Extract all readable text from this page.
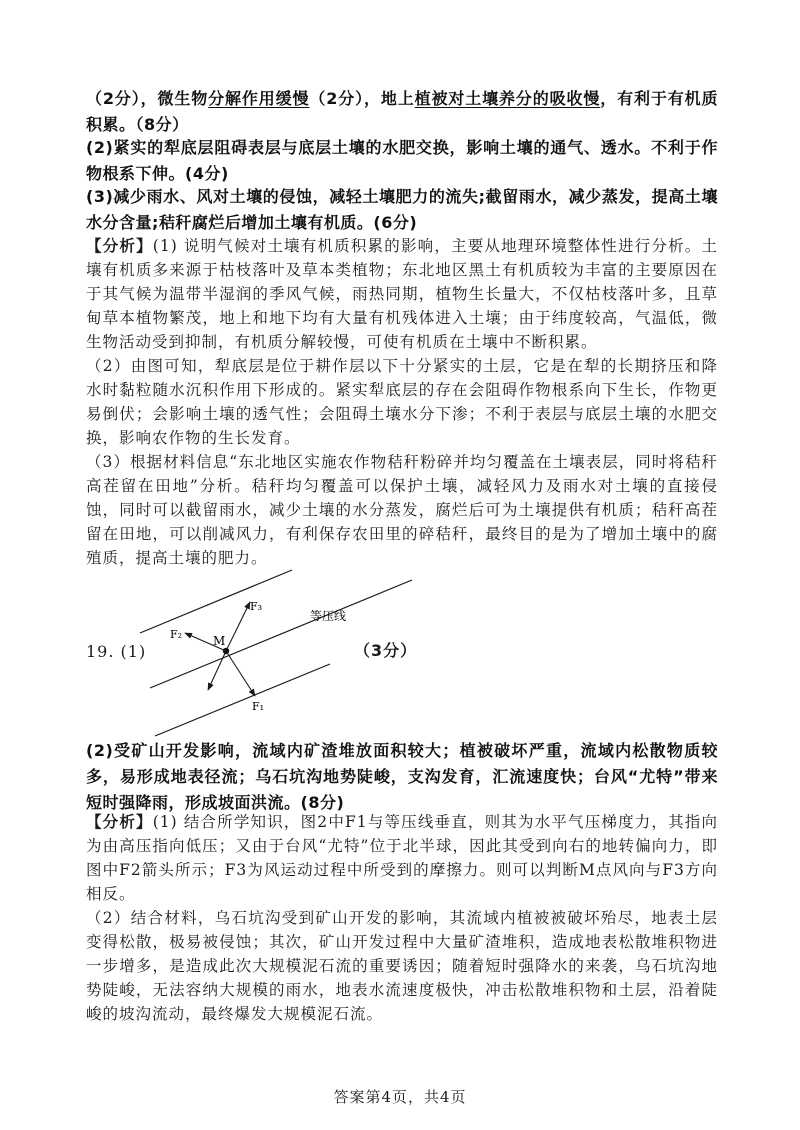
（2分），微生物分解作用缓慢（2分），地上植被对土壤养分的吸收慢，有利于有机质积累。（8分）

(2)紧实的犁底层阻碍表层与底层土壤的水肥交换，影响土壤的通气、透水。不利于作物根系下伸。(4分)

(3)减少雨水、风对土壤的侵蚀，减轻土壤肥力的流失;截留雨水，减少蒸发，提高土壤水分含量;秸秆腐烂后增加土壤有机质。(6分)

【分析】(1) 说明气候对土壤有机质积累的影响，主要从地理环境整体性进行分析。土壤有机质多来源于枯枝落叶及草本类植物；东北地区黑土有机质较为丰富的主要原因在于其气候为温带半湿润的季风气候，雨热同期，植物生长量大，不仅枯枝落叶多，且草甸草本植物繁茂，地上和地下均有大量有机残体进入土壤；由于纬度较高，气温低，微生物活动受到抑制，有机质分解较慢，可使有机质在土壤中不断积累。

（2）由图可知，犁底层是位于耕作层以下十分紧实的土层，它是在犁的长期挤压和降水时黏粒随水沉积作用下形成的。紧实犁底层的存在会阻碍作物根系向下生长，作物更易倒伏；会影响土壤的透气性；会阻碍土壤水分下渗；不利于表层与底层土壤的水肥交换，影响农作物的生长发育。

（3）根据材料信息“东北地区实施农作物秸秆粉碎并均匀覆盖在土壤表层，同时将秸秆高茬留在田地”分析。秸秆均匀覆盖可以保护土壤，减轻风力及雨水对土壤的直接侵蚀，同时可以截留雨水，减少土壤的水分蒸发，腐烂后可为土壤提供有机质；秸秆高茬留在田地，可以削减风力，有利保存农田里的碎秸秆，最终目的是为了增加土壤中的腐殖质，提高土壤的肥力。

19. (1)	（3分）
M
F₃
F₂
F₁
等压线

(2)受矿山开发影响，流域内矿渣堆放面积较大；植被破坏严重，流域内松散物质较多，易形成地表径流；乌石坑沟地势陡峻，支沟发育，汇流速度快；台风“尤特”带来短时强降雨，形成坡面洪流。(8分)

【分析】(1) 结合所学知识，图2中F1与等压线垂直，则其为水平气压梯度力，其指向为由高压指向低压；又由于台风“尤特”位于北半球，因此其受到向右的地转偏向力，即图中F2箭头所示；F3为风运动过程中所受到的摩擦力。则可以判断M点风向与F3方向相反。

（2）结合材料，乌石坑沟受到矿山开发的影响，其流域内植被被破坏殆尽，地表土层变得松散，极易被侵蚀；其次，矿山开发过程中大量矿渣堆积，造成地表松散堆积物进一步增多，是造成此次大规模泥石流的重要诱因；随着短时强降水的来袭，乌石坑沟地势陡峻，无法容纳大规模的雨水，地表水流速度极快，冲击松散堆积物和土层，沿着陡峻的坡沟流动，最终爆发大规模泥石流。

答案第4页，共4页
